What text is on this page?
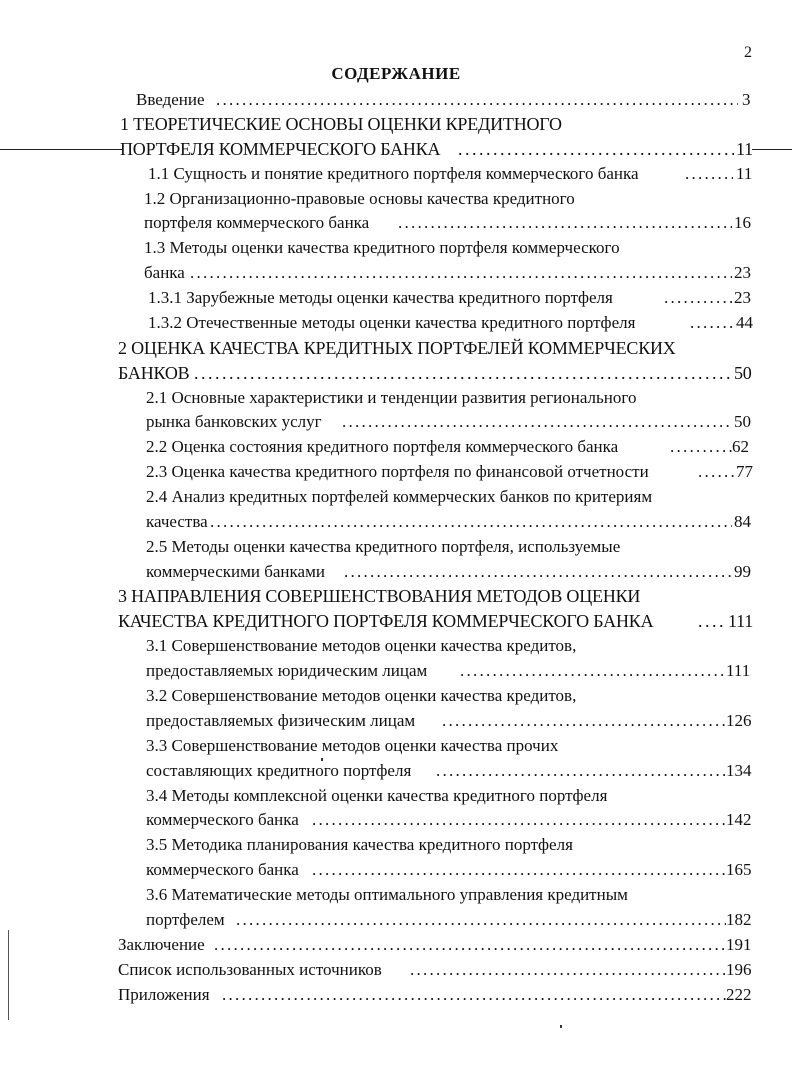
2
СОДЕРЖАНИЕ
Введение . . .	3
1 ТЕОРЕТИЧЕСКИЕ ОСНОВЫ ОЦЕНКИ КРЕДИТНОГО
ПОРТФЕЛЯ КОММЕРЧЕСКОГО БАНКА . . .	11
1.1 Сущность и понятие кредитного портфеля коммерческого банка . . .	11
1.2 Организационно-правовые основы качества кредитного
портфеля коммерческого банка . . .	16
1.3 Методы оценки качества кредитного портфеля коммерческого
банка . . .	23
1.3.1 Зарубежные методы оценки качества кредитного портфеля . . .	23
1.3.2 Отечественные методы оценки качества кредитного портфеля . . .	44
2 ОЦЕНКА КАЧЕСТВА КРЕДИТНЫХ ПОРТФЕЛЕЙ КОММЕРЧЕСКИХ
БАНКОВ . . .	50
2.1 Основные характеристики и тенденции развития регионального
рынка банковских услуг . . .	50
2.2 Оценка состояния кредитного портфеля коммерческого банка . . .	62
2.3 Оценка качества кредитного портфеля по финансовой отчетности . . .	77
2.4 Анализ кредитных портфелей коммерческих банков по критериям
качества . . .	84
2.5 Методы оценки качества кредитного портфеля, используемые
коммерческими банками . . .	99
3 НАПРАВЛЕНИЯ СОВЕРШЕНСТВОВАНИЯ МЕТОДОВ ОЦЕНКИ
КАЧЕСТВА КРЕДИТНОГО ПОРТФЕЛЯ КОММЕРЧЕСКОГО БАНКА . . .	111
3.1 Совершенствование методов оценки качества кредитов,
предоставляемых юридическим лицам . . .	111
3.2 Совершенствование методов оценки качества кредитов,
предоставляемых физическим лицам . . .	126
3.3 Совершенствование методов оценки качества прочих
составляющих кредитного портфеля . . .	134
3.4 Методы комплексной оценки качества кредитного портфеля
коммерческого банка . . .	142
3.5 Методика планирования качества кредитного портфеля
коммерческого банка . . .	165
3.6 Математические методы оптимального управления кредитным
портфелем . . .	182
Заключение . . .	191
Список использованных источников . . .	196
Приложения . . .	222
